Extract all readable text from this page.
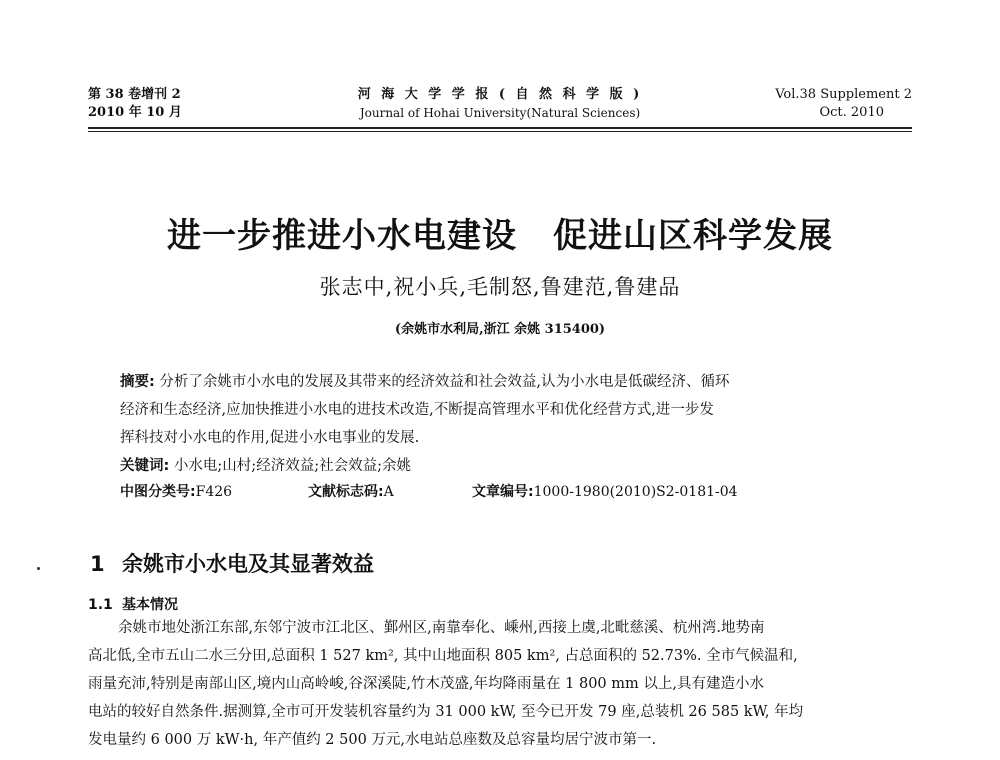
第 38 卷增刊 2
2010 年 10 月
河 海 大 学 学 报 ( 自 然 科 学 版 )
Journal of Hohai University(Natural Sciences)
Vol.38 Supplement 2
Oct. 2010
进一步推进小水电建设 促进山区科学发展
张志中,祝小兵,毛制怒,鲁建范,鲁建品
(余姚市水利局,浙江 余姚 315400)
摘要: 分析了余姚市小水电的发展及其带来的经济效益和社会效益,认为小水电是低碳经济、循环
经济和生态经济,应加快推进小水电的进技术改造,不断提高管理水平和优化经营方式,进一步发
挥科技对小水电的作用,促进小水电事业的发展.
关键词: 小水电;山村;经济效益;社会效益;余姚
中图分类号:F426	文献标志码:A	文章编号:1000-1980(2010)S2-0181-04
1 余姚市小水电及其显著效益
1.1 基本情况
余姚市地处浙江东部,东邻宁波市江北区、鄞州区,南靠奉化、嵊州,西接上虞,北毗慈溪、杭州湾.地势南
高北低,全市五山二水三分田,总面积 1 527 km², 其中山地面积 805 km², 占总面积的 52.73%. 全市气候温和,
雨量充沛,特别是南部山区,境内山高岭峻,谷深溪陡,竹木茂盛,年均降雨量在 1 800 mm 以上,具有建造小水
电站的较好自然条件.据测算,全市可开发装机容量约为 31 000 kW, 至今已开发 79 座,总装机 26 585 kW, 年均
发电量约 6 000 万 kW·h, 年产值约 2 500 万元,水电站总座数及总容量均居宁波市第一.
